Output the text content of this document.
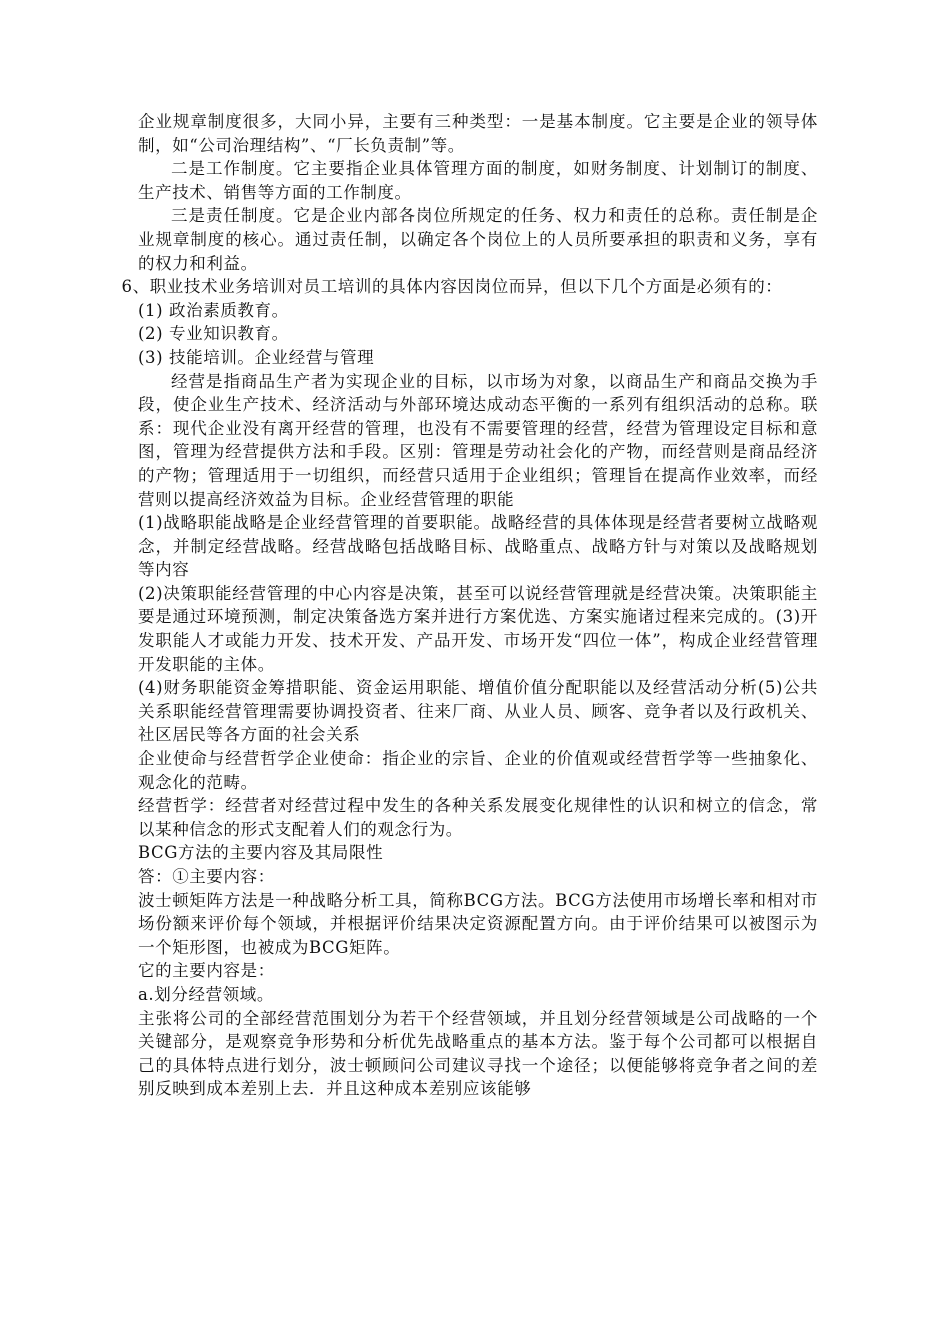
企业规章制度很多，大同小异，主要有三种类型：一是基本制度。它主要是企业的领导体制，如“公司治理结构”、“厂长负责制”等。

二是工作制度。它主要指企业具体管理方面的制度，如财务制度、计划制订的制度、生产技术、销售等方面的工作制度。

三是责任制度。它是企业内部各岗位所规定的任务、权力和责任的总称。责任制是企业规章制度的核心。通过责任制，以确定各个岗位上的人员所要承担的职责和义务，享有的权力和利益。

6、职业技术业务培训对员工培训的具体内容因岗位而异，但以下几个方面是必须有的：

(1) 政治素质教育。

(2) 专业知识教育。

(3) 技能培训。企业经营与管理

经营是指商品生产者为实现企业的目标，以市场为对象，以商品生产和商品交换为手段，使企业生产技术、经济活动与外部环境达成动态平衡的一系列有组织活动的总称。联系：现代企业没有离开经营的管理，也没有不需要管理的经营，经营为管理设定目标和意图，管理为经营提供方法和手段。区别：管理是劳动社会化的产物，而经营则是商品经济的产物；管理适用于一切组织，而经营只适用于企业组织；管理旨在提高作业效率，而经营则以提高经济效益为目标。企业经营管理的职能

(1)战略职能战略是企业经营管理的首要职能。战略经营的具体体现是经营者要树立战略观念，并制定经营战略。经营战略包括战略目标、战略重点、战略方针与对策以及战略规划等内容

(2)决策职能经营管理的中心内容是决策，甚至可以说经营管理就是经营决策。决策职能主要是通过环境预测，制定决策备选方案并进行方案优选、方案实施诸过程来完成的。(3)开发职能人才或能力开发、技术开发、产品开发、市场开发“四位一体”，构成企业经营管理开发职能的主体。

(4)财务职能资金筹措职能、资金运用职能、增值价值分配职能以及经营活动分析(5)公共关系职能经营管理需要协调投资者、往来厂商、从业人员、顾客、竞争者以及行政机关、社区居民等各方面的社会关系

企业使命与经营哲学企业使命：指企业的宗旨、企业的价值观或经营哲学等一些抽象化、观念化的范畴。

经营哲学：经营者对经营过程中发生的各种关系发展变化规律性的认识和树立的信念，常以某种信念的形式支配着人们的观念行为。

BCG方法的主要内容及其局限性

答：①主要内容：

波士顿矩阵方法是一种战略分析工具，简称BCG方法。BCG方法使用市场增长率和相对市场份额来评价每个领域，并根据评价结果决定资源配置方向。由于评价结果可以被图示为一个矩形图，也被成为BCG矩阵。

它的主要内容是：

a.划分经营领域。

主张将公司的全部经营范围划分为若干个经营领域，并且划分经营领域是公司战略的一个关键部分，是观察竞争形势和分析优先战略重点的基本方法。鉴于每个公司都可以根据自己的具体特点进行划分，波士顿顾问公司建议寻找一个途径；以便能够将竞争者之间的差别反映到成本差别上去．并且这种成本差别应该能够
